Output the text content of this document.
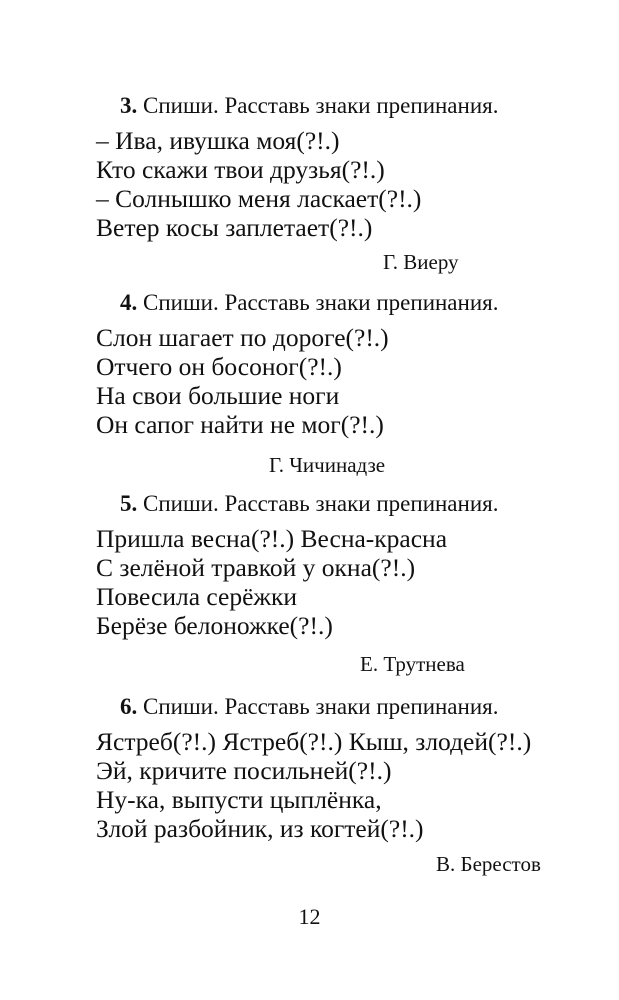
3. Спиши. Расставь знаки препинания.
– Ива, ивушка моя(?!.)
Кто скажи твои друзья(?!.)
– Солнышко меня ласкает(?!.)
Ветер косы заплетает(?!.)
Г. Виеру
4. Спиши. Расставь знаки препинания.
Слон шагает по дороге(?!.)
Отчего он босоног(?!.)
На свои большие ноги
Он сапог найти не мог(?!.)
Г. Чичинадзе
5. Спиши. Расставь знаки препинания.
Пришла весна(?!.) Весна-красна
С зелёной травкой у окна(?!.)
Повесила серёжки
Берёзе белоножке(?!.)
Е. Трутнева
6. Спиши. Расставь знаки препинания.
Ястреб(?!.) Ястреб(?!.) Кыш, злодей(?!.)
Эй, кричите посильней(?!.)
Ну-ка, выпусти цыплёнка,
Злой разбойник, из когтей(?!.)
В. Берестов
12
